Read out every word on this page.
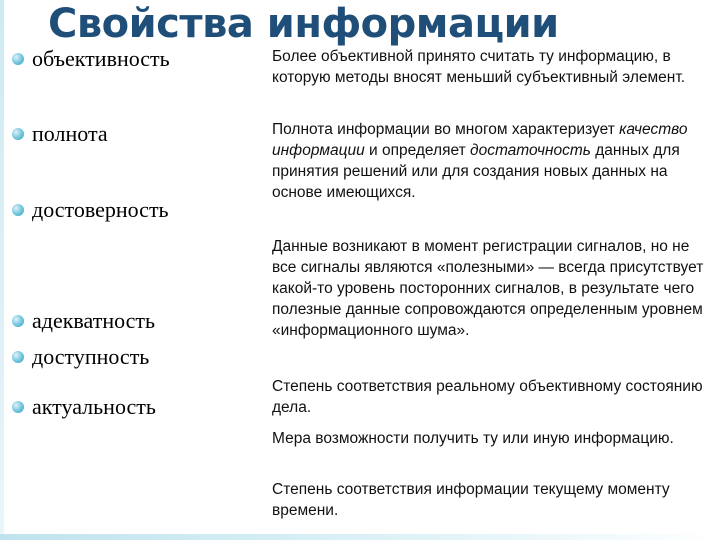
Свойства информации
объективность
полнота
достоверность
адекватность
доступность
актуальность

Более объективной принято считать ту информацию, в которую методы вносят меньший субъективный элемент.

Полнота информации во многом характеризует качество информации и определяет достаточность данных для принятия решений или для создания новых данных на основе имеющихся.

Данные возникают в момент регистрации сигналов, но не все сигналы являются «полезными» — всегда присутствует какой-то уровень посторонних сигналов, в результате чего полезные данные сопровождаются определенным уровнем «информационного шума».

Степень соответствия реальному объективному состоянию дела.

Мера возможности получить ту или иную информацию.

Степень соответствия информации текущему моменту времени.
